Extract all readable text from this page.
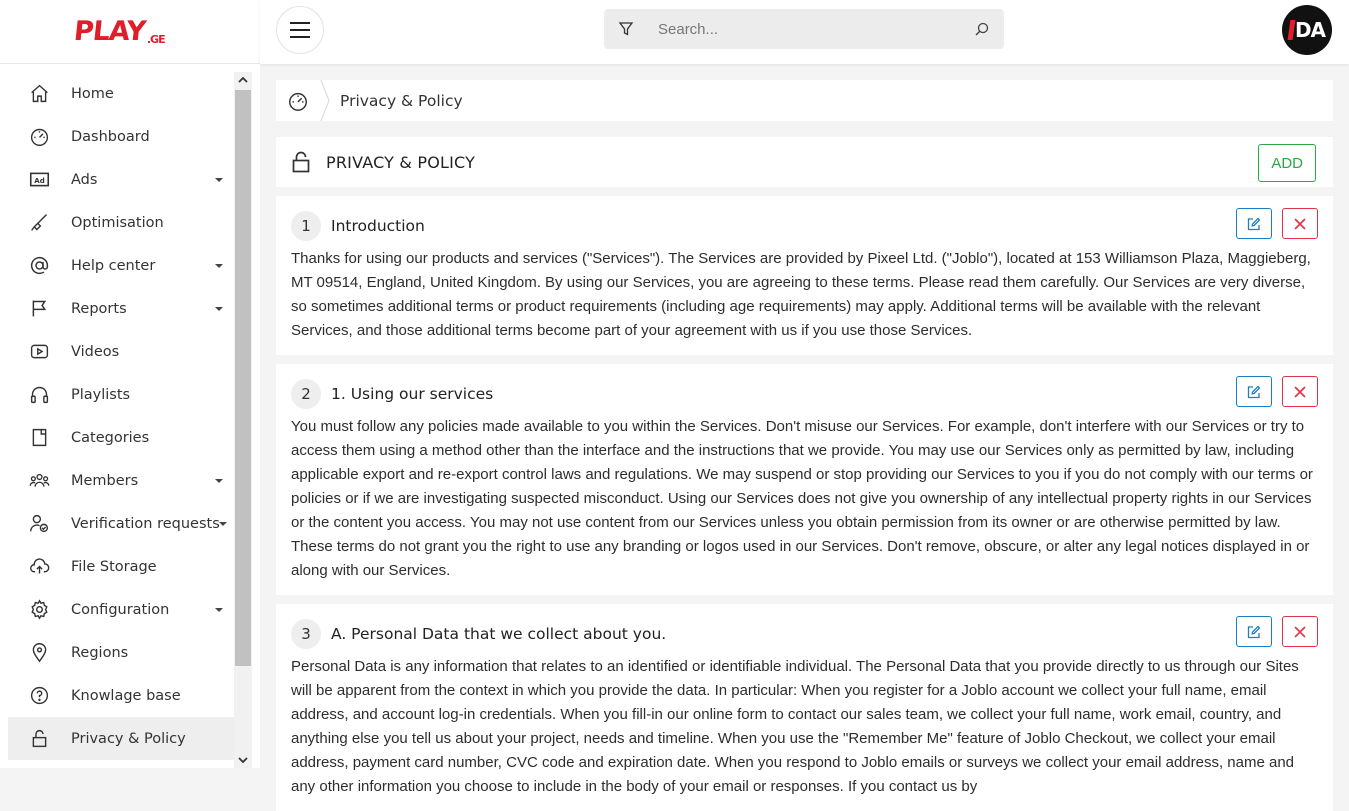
PLAY .GE
Home
Dashboard
Ad Ads
Optimisation
Help center
Reports
Videos
Playlists
Categories
Members
Verification requests
File Storage
Configuration
Regions
Knowlage base
Privacy & Policy
Search...
DA
Privacy & Policy
PRIVACY & POLICY	ADD
1	Introduction

Thanks for using our products and services ("Services"). The Services are provided by Pixeel Ltd. ("Joblo"), located at 153 Williamson Plaza, Maggieberg, MT 09514, England, United Kingdom. By using our Services, you are agreeing to these terms. Please read them carefully. Our Services are very diverse, so sometimes additional terms or product requirements (including age requirements) may apply. Additional terms will be available with the relevant Services, and those additional terms become part of your agreement with us if you use those Services.

2	1. Using our services

You must follow any policies made available to you within the Services. Don't misuse our Services. For example, don't interfere with our Services or try to access them using a method other than the interface and the instructions that we provide. You may use our Services only as permitted by law, including applicable export and re-export control laws and regulations. We may suspend or stop providing our Services to you if you do not comply with our terms or policies or if we are investigating suspected misconduct. Using our Services does not give you ownership of any intellectual property rights in our Services or the content you access. You may not use content from our Services unless you obtain permission from its owner or are otherwise permitted by law. These terms do not grant you the right to use any branding or logos used in our Services. Don't remove, obscure, or alter any legal notices displayed in or along with our Services.

3	A. Personal Data that we collect about you.

Personal Data is any information that relates to an identified or identifiable individual. The Personal Data that you provide directly to us through our Sites will be apparent from the context in which you provide the data. In particular: When you register for a Joblo account we collect your full name, email address, and account log-in credentials. When you fill-in our online form to contact our sales team, we collect your full name, work email, country, and anything else you tell us about your project, needs and timeline. When you use the "Remember Me" feature of Joblo Checkout, we collect your email address, payment card number, CVC code and expiration date. When you respond to Joblo emails or surveys we collect your email address, name and any other information you choose to include in the body of your email or responses. If you contact us by
